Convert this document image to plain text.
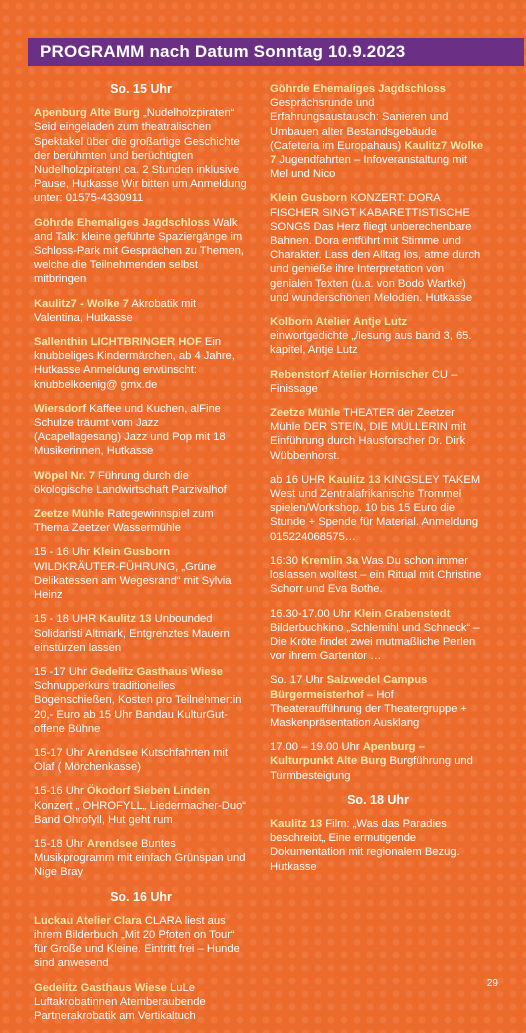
PROGRAMM nach Datum Sonntag 10.9.2023
So. 15 Uhr
Apenburg Alte Burg „Nudelholzpiraten“ Seid eingeladen zum theatralischen Spektakel über die großartige Geschichte der berühmten und berüchtigten Nudelholzpiraten! ca. 2 Stunden inklusive Pause, Hutkasse Wir bitten um Anmeldung unter: 01575-4330911
Göhrde Ehemaliges Jagdschloss Walk and Talk: kleine geführte Spaziergänge im Schloss-Park mit Gesprächen zu Themen, welche die Teilnehmenden selbst mitbringen
Kaulitz7 - Wolke 7 Akrobatik mit Valentina, Hutkasse
Sallenthin LICHTBRINGER HOF Ein knubbeliges Kindermärchen, ab 4 Jahre, Hutkasse Anmeldung erwünscht: knubbelkoenig@ gmx.de
Wiersdorf Kaffee und Kuchen, alFine Schulze träumt vom Jazz (Acapellagesang) Jazz und Pop mit 18 Musikerinnen, Hutkasse
Wöpel Nr. 7 Führung durch die ökologische Landwirtschaft Parzivalhof
Zeetze Mühle Rategewinnspiel zum Thema Zeetzer Wassermühle
15 - 16 Uhr Klein Gusborn WILDKRÄUTER-FÜHRUNG, „Grüne Delikatessen am Wegesrand“ mit Sylvia Heinz
15 - 18 UHR Kaulitz 13 Unbounded Solidaristi Altmark, Entgrenztes Mauern einstürzen lassen
15 -17 Uhr Gedelitz Gasthaus Wiese Schnupperkurs traditionelles Bogenschießen, Kosten pro Teilnehmer:in 20,- Euro ab 15 Uhr Bandau KulturGut- offene Bühne
15-17 Uhr Arendsee Kutschfahrten mit Olaf ( Mörchenkasse)
15-16 Uhr Ökodorf Sieben Linden Konzert „ OHROFYLL„ Liedermacher-Duo“ Band Ohrofyll, Hut geht rum
15-18 Uhr Arendsee Buntes Musikprogramm mit einfach Grünspan und Nige Bray
So. 16 Uhr
Luckau Atelier Clara CLARA liest aus ihrem Bilderbuch „Mit 20 Pfoten on Tour“ für Große und Kleine. Eintritt frei – Hunde sind anwesend
Gedelitz Gasthaus Wiese LuLe Luftakrobatinnen Atemberaubende Partnerakrobatik am Vertikaltuch
Göhrde Ehemaliges Jagdschloss Gesprächsrunde und Erfahrungsaustausch: Sanieren und Umbauen alter Bestandsgebäude (Cafeteria im Europahaus) Kaulitz7 Wolke 7 Jugendfahrten – Infoveranstaltung mit Mel und Nico
Klein Gusborn KONZERT: DORA FISCHER SINGT KABARETTISTISCHE SONGS Das Herz fliegt unberechenbare Bahnen. Dora entführt mit Stimme und Charakter. Lass den Alltag los, atme durch und genieße ihre Interpretation von genialen Texten (u.a. von Bodo Wartke) und wunderschönen Melodien. Hutkasse
Kolborn Atelier Antje Lutz einwortgedichte „/lesung aus band 3, 65. kapitel, Antje Lutz
Rebenstorf Atelier Hornischer CU – Finissage
Zeetze Mühle THEATER der Zeetzer Mühle DER STEIN, DIE MÜLLERIN mit Einführung durch Hausforscher Dr. Dirk Wübbenhorst.
ab 16 UHR Kaulitz 13 KINGSLEY TAKEM West und Zentralafrikanische Trommel spielen/Workshop. 10 bis 15 Euro die Stunde + Spende für Material. Anmeldung 015224068575…
16:30 Kremlin 3a Was Du schon immer loslassen wolltest – ein Ritual mit Christine Schorr und Eva Bothe.
16.30-17.00 Uhr Klein Grabenstedt Bilderbuchkino „Schlemihl und Schneck“ – Die Kröte findet zwei mutmaßliche Perlen vor ihrem Gartentor …
So. 17 Uhr Salzwedel Campus Bürgermeisterhof – Hof Theateraufführung der Theatergruppe + Maskenpräsentation Ausklang
17.00 – 19.00 Uhr Apenburg – Kulturpunkt Alte Burg Burgführung und Turmbesteigung
So. 18 Uhr
Kaulitz 13 Film: „Was das Paradies beschreibt„ Eine ermutigende Dokumentation mit regionalem Bezug. Hutkasse
29
